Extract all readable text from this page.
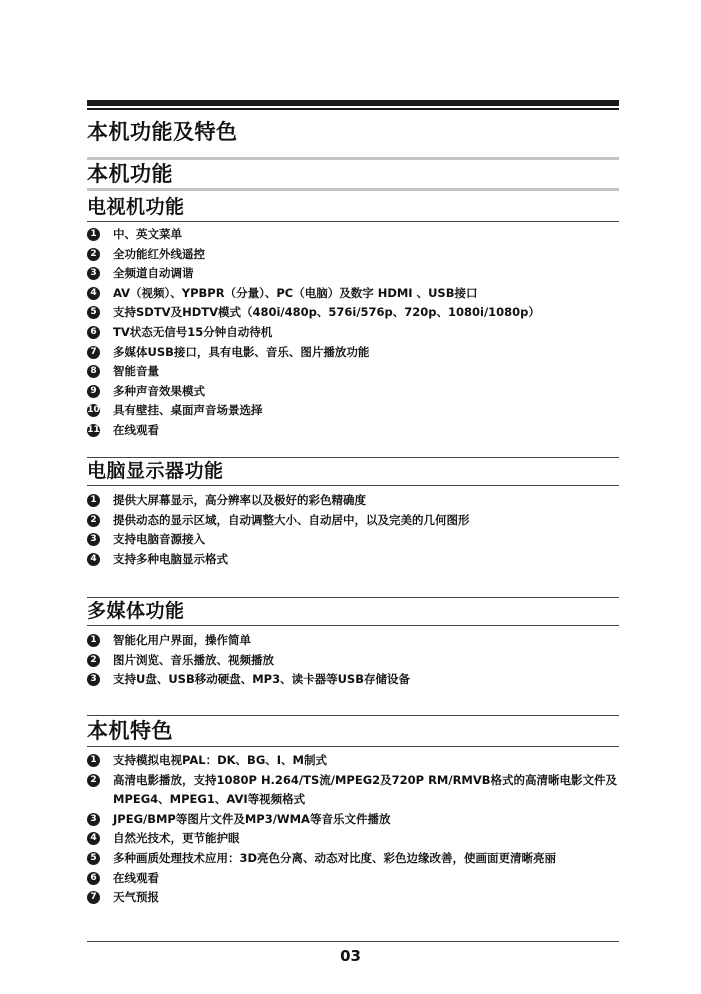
本机功能及特色
本机功能
电视机功能
1 中、英文菜单
2 全功能红外线遥控
3 全频道自动调谐
4 AV（视频）、YPBPR（分量）、PC（电脑）及数字 HDMI 、USB接口
5 支持SDTV及HDTV模式（480i/480p、576i/576p、720p、1080i/1080p）
6 TV状态无信号15分钟自动待机
7 多媒体USB接口，具有电影、音乐、图片播放功能
8 智能音量
9 多种声音效果模式
10 具有壁挂、桌面声音场景选择
11 在线观看
电脑显示器功能
1 提供大屏幕显示，高分辨率以及极好的彩色精确度
2 提供动态的显示区域，自动调整大小、自动居中，以及完美的几何图形
3 支持电脑音源接入
4 支持多种电脑显示格式
多媒体功能
1 智能化用户界面，操作简单
2 图片浏览、音乐播放、视频播放
3 支持U盘、USB移动硬盘、MP3、读卡器等USB存储设备
本机特色
1 支持模拟电视PAL：DK、BG、I、M制式
2 高清电影播放，支持1080P H.264/TS流/MPEG2及720P RM/RMVB格式的高清晰电影文件及
MPEG4、MPEG1、AVI等视频格式
3 JPEG/BMP等图片文件及MP3/WMA等音乐文件播放
4 自然光技术，更节能护眼
5 多种画质处理技术应用：3D亮色分离、动态对比度、彩色边缘改善，使画面更清晰亮丽
6 在线观看
7 天气预报
03
